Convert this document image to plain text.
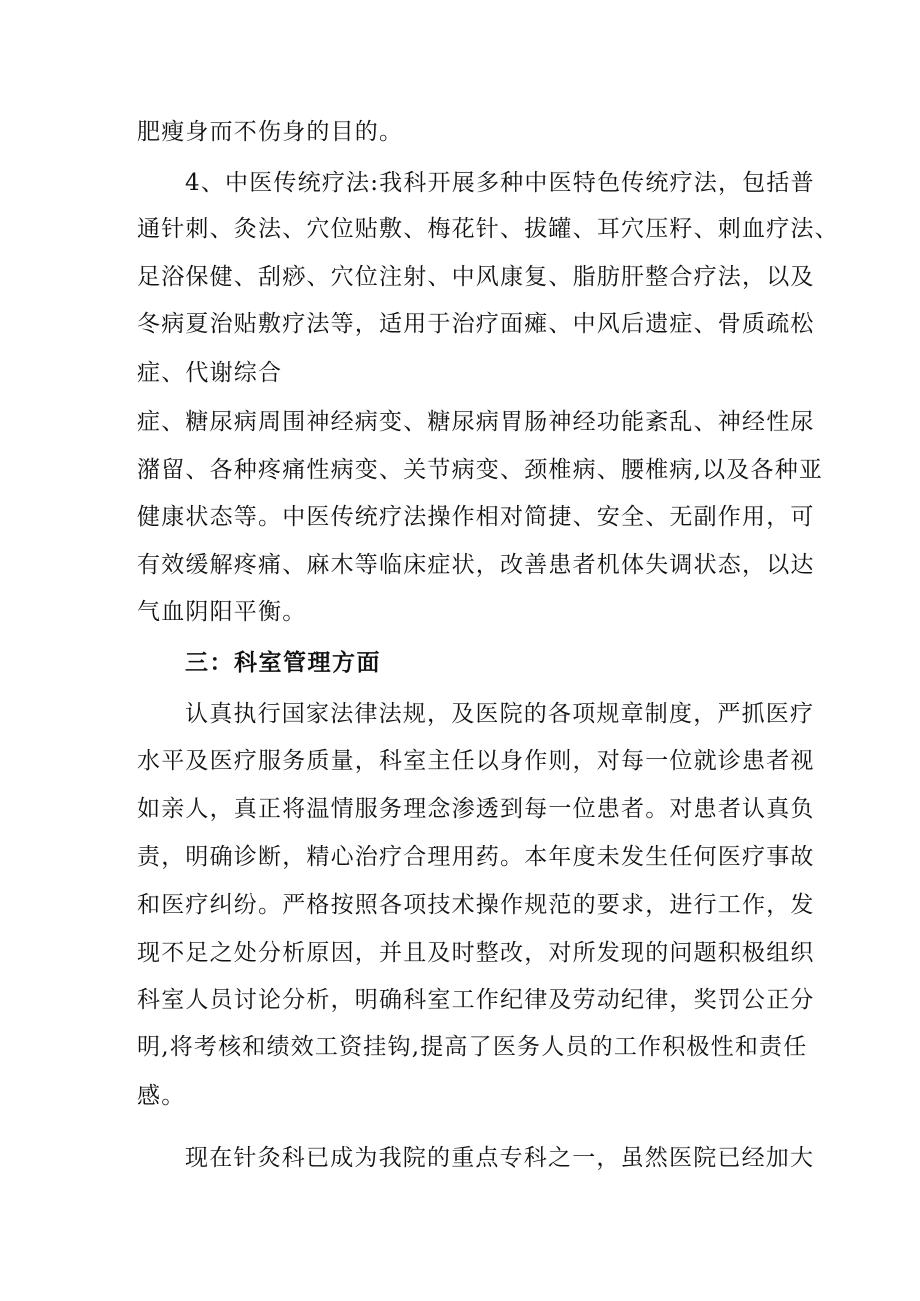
肥瘦身而不伤身的目的。
4、中医传统疗法:我科开展多种中医特色传统疗法，包括普
通针刺、灸法、穴位贴敷、梅花针、拔罐、耳穴压籽、刺血疗法、
足浴保健、刮痧、穴位注射、中风康复、脂肪肝整合疗法，以及
冬病夏治贴敷疗法等，适用于治疗面瘫、中风后遗症、骨质疏松
症、代谢综合
症、糖尿病周围神经病变、糖尿病胃肠神经功能紊乱、神经性尿
潴留、各种疼痛性病变、关节病变、颈椎病、腰椎病,以及各种亚
健康状态等。中医传统疗法操作相对简捷、安全、无副作用，可
有效缓解疼痛、麻木等临床症状，改善患者机体失调状态，以达
气血阴阳平衡。
三：科室管理方面
认真执行国家法律法规，及医院的各项规章制度，严抓医疗
水平及医疗服务质量，科室主任以身作则，对每一位就诊患者视
如亲人，真正将温情服务理念渗透到每一位患者。对患者认真负
责，明确诊断，精心治疗合理用药。本年度未发生任何医疗事故
和医疗纠纷。严格按照各项技术操作规范的要求，进行工作，发
现不足之处分析原因，并且及时整改，对所发现的问题积极组织
科室人员讨论分析，明确科室工作纪律及劳动纪律，奖罚公正分
明,将考核和绩效工资挂钩,提高了医务人员的工作积极性和责任
感。
现在针灸科已成为我院的重点专科之一，虽然医院已经加大
